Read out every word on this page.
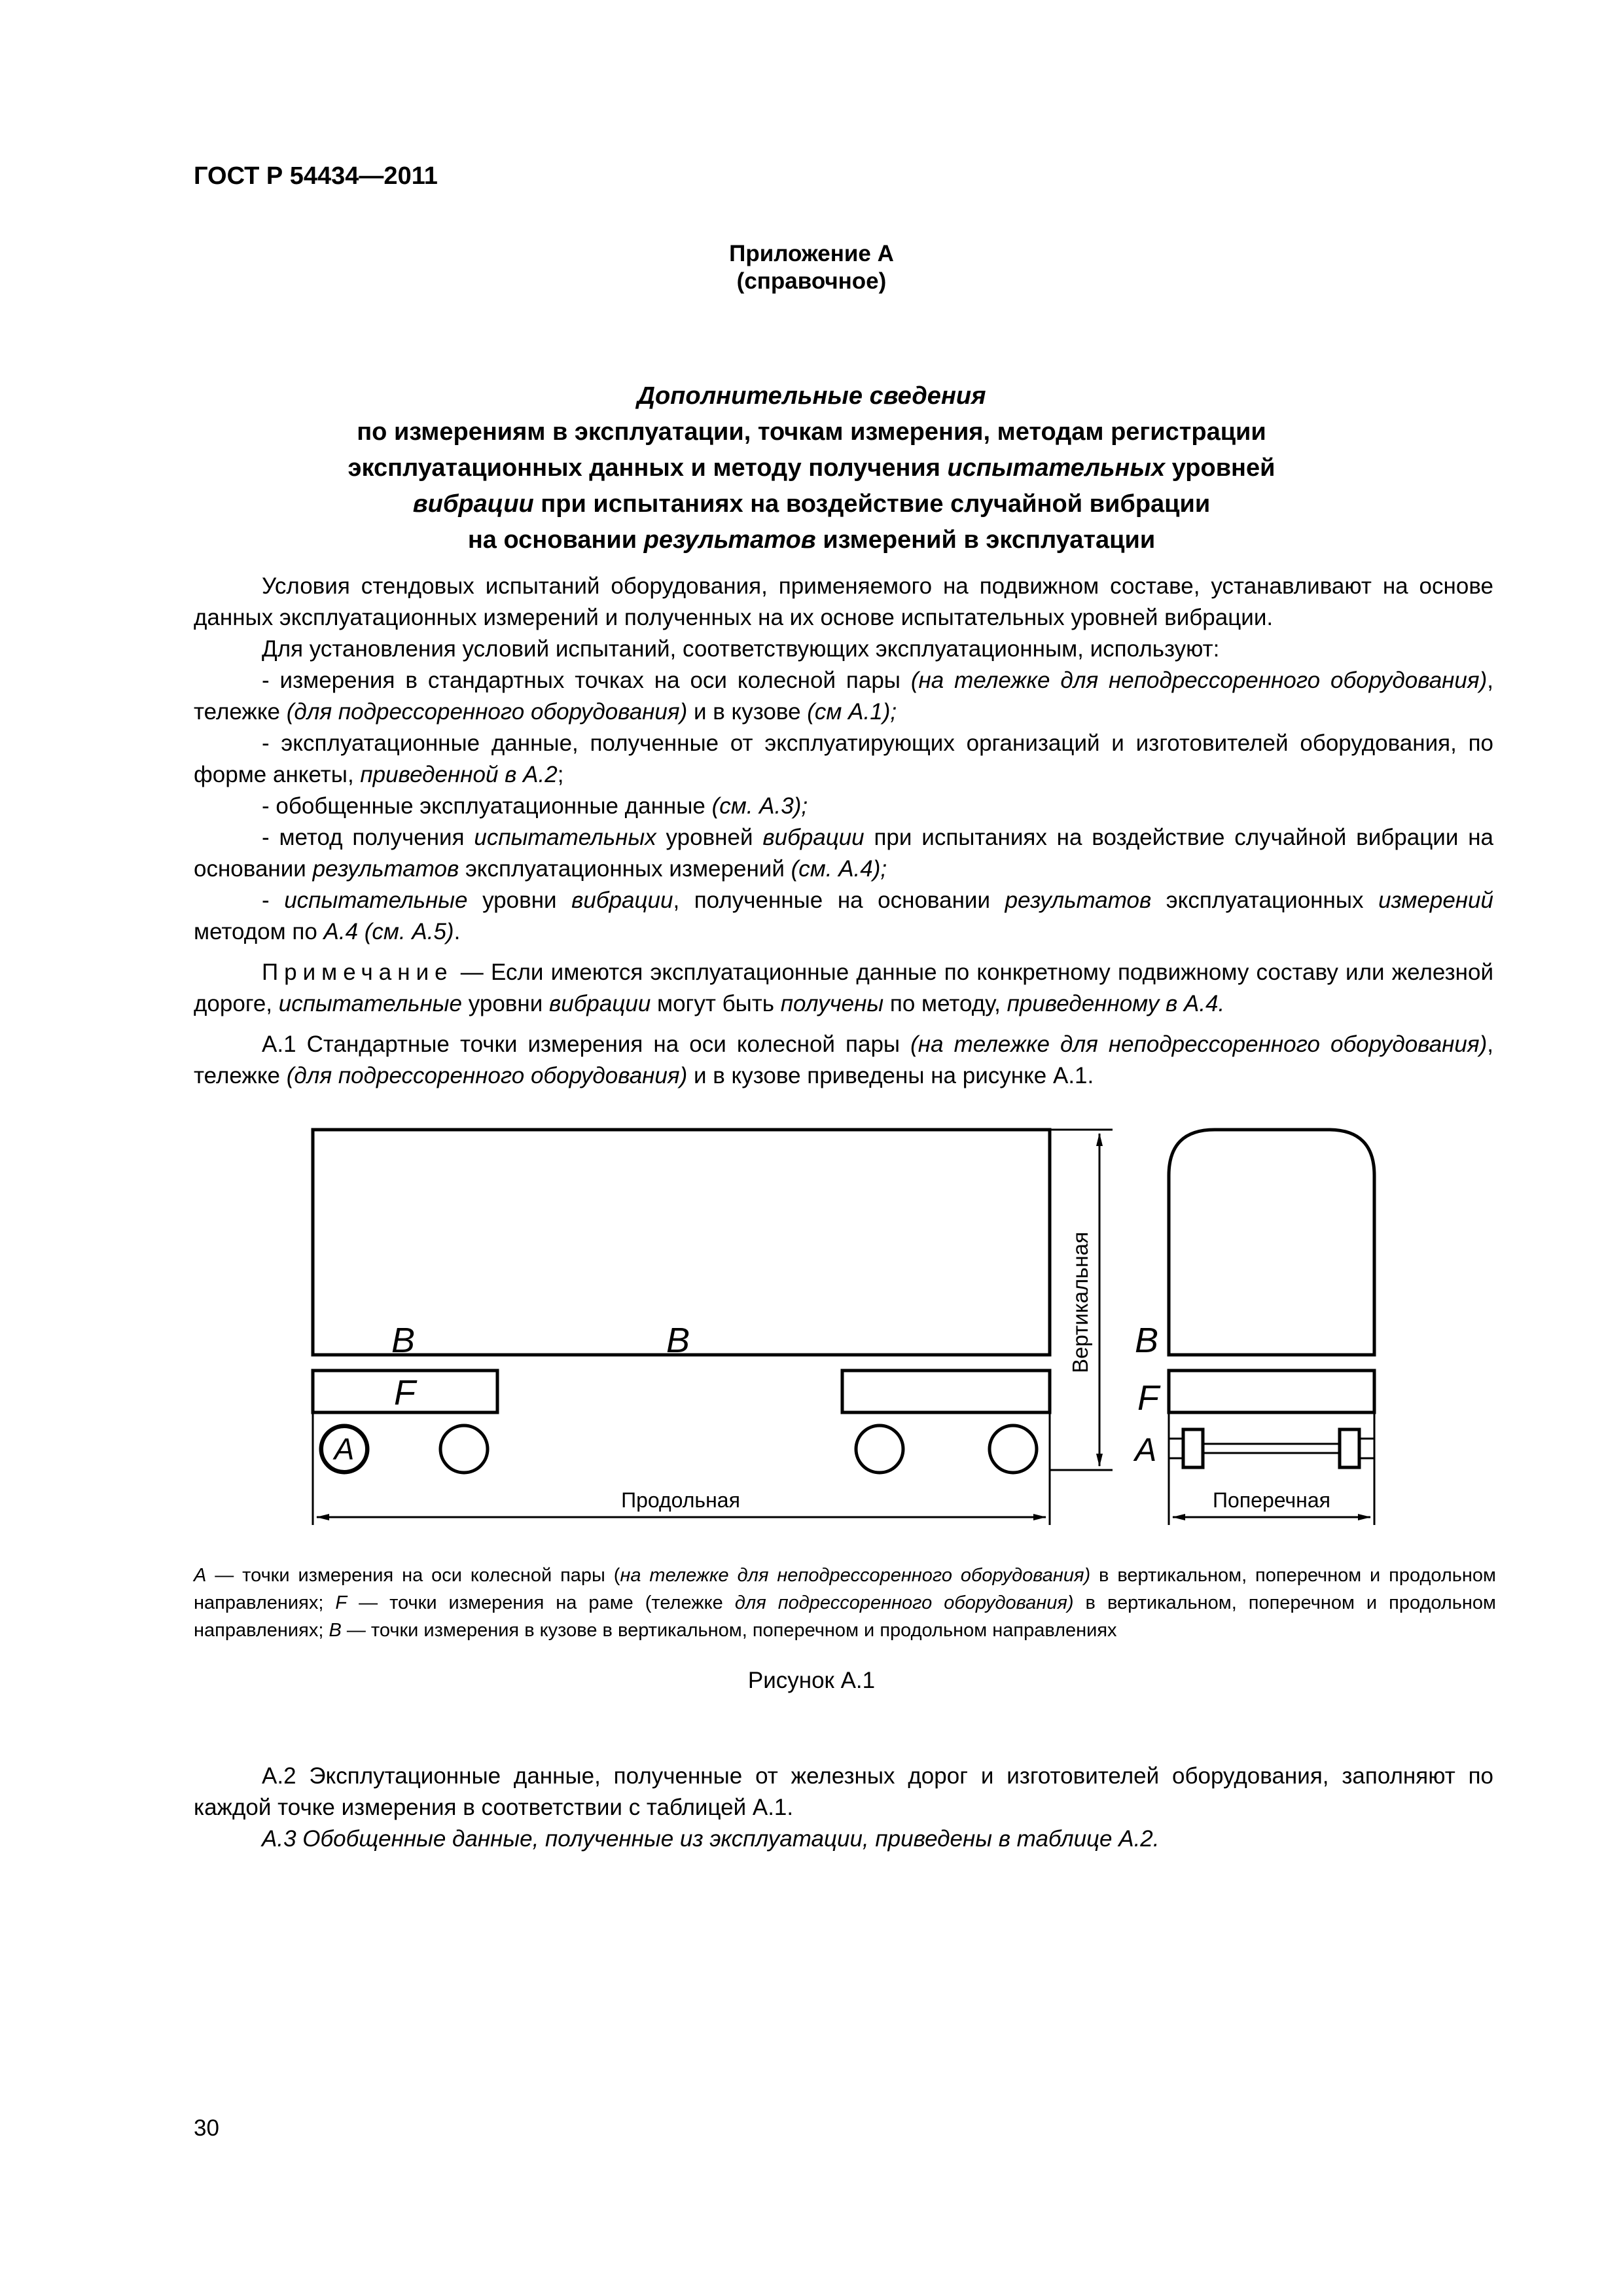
ГОСТ Р 54434—2011
Приложение А
(справочное)
Дополнительные сведения
по измерениям в эксплуатации, точкам измерения, методам регистрации
эксплуатационных данных и методу получения испытательных уровней
вибрации при испытаниях на воздействие случайной вибрации
на основании результатов измерений в эксплуатации

Условия стендовых испытаний оборудования, применяемого на подвижном составе, устанавливают на основе данных эксплуатационных измерений и полученных на их основе испытательных уровней вибрации.

Для установления условий испытаний, соответствующих эксплуатационным, используют:

- измерения в стандартных точках на оси колесной пары (на тележке для неподрессоренного оборудования), тележке (для подрессоренного оборудования) и в кузове (см А.1);

- эксплуатационные данные, полученные от эксплуатирующих организаций и изготовителей оборудования, по форме анкеты, приведенной в А.2;

- обобщенные эксплуатационные данные (см. А.3);

- метод получения испытательных уровней вибрации при испытаниях на воздействие случайной вибрации на основании результатов эксплуатационных измерений (см. А.4);

- испытательные уровни вибрации, полученные на основании результатов эксплуатационных измерений методом по А.4 (см. А.5).

Примечание — Если имеются эксплуатационные данные по конкретному подвижному составу или железной дороге, испытательные уровни вибрации могут быть получены по методу, приведенному в А.4.

А.1 Стандартные точки измерения на оси колесной пары (на тележке для неподрессоренного оборудования), тележке (для подрессоренного оборудования) и в кузове приведены на рисунке А.1.

B	B	B
F	F
A	A
Вертикальная
Продольная	Поперечная
А — точки измерения на оси колесной пары (на тележке для неподрессоренного оборудования) в вертикальном, поперечном и продольном направлениях; F — точки измерения на раме (тележке для подрессоренного оборудования) в вертикальном, поперечном и продольном направлениях; В — точки измерения в кузове в вертикальном, поперечном и продольном направлениях
Рисунок А.1

А.2 Эксплутационные данные, полученные от железных дорог и изготовителей оборудования, заполняют по каждой точке измерения в соответствии с таблицей А.1.

А.3 Обобщенные данные, полученные из эксплуатации, приведены в таблице А.2.

30
